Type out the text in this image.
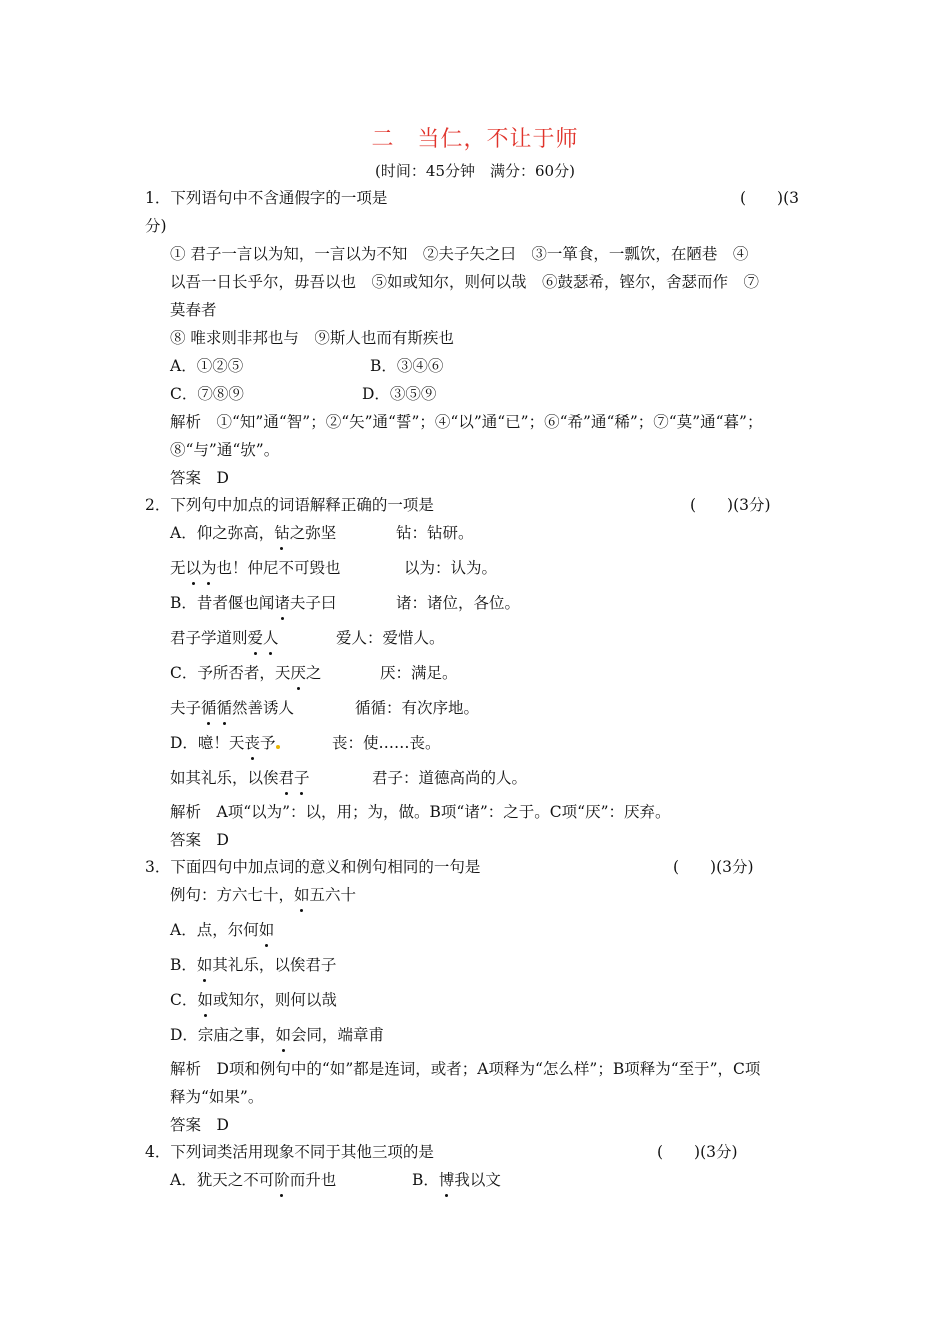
二　当仁，不让于师
(时间：45分钟　满分：60分)
1．下列语句中不含通假字的一项是	(　　)(3
分)
① 君子一言以为知，一言以为不知　②夫子矢之曰　③一箪食，一瓢饮，在陋巷　④
以吾一日长乎尔，毋吾以也　⑤如或知尔，则何以哉　⑥鼓瑟希，铿尔，舍瑟而作　⑦
莫春者
⑧ 唯求则非邦也与　⑨斯人也而有斯疾也
A．①②⑤	B．③④⑥
C．⑦⑧⑨	D．③⑤⑨
解析　①“知”通“智”；②“矢”通“誓”；④“以”通“已”；⑥“希”通“稀”；⑦“莫”通“暮”；
⑧“与”通“欤”。
答案　D
2．下列句中加点的词语解释正确的一项是	(　　)(3分)
A．仰之弥高，钻之弥坚	钻：钻研。
无以为也！仲尼不可毁也	以为：认为。
B．昔者偃也闻诸夫子曰	诸：诸位，各位。
君子学道则爱人	爱人：爱惜人。
C．予所否者，天厌之	厌：满足。
夫子循循然善诱人	循循：有次序地。
D．噫！天丧予	丧：使……丧。
如其礼乐，以俟君子	君子：道德高尚的人。
解析　A项“以为”：以，用；为，做。B项“诸”：之于。C项“厌”：厌弃。
答案　D
3．下面四句中加点词的意义和例句相同的一句是	(　　)(3分)
例句：方六七十，如五六十
A．点，尔何如
B．如其礼乐，以俟君子
C．如或知尔，则何以哉
D．宗庙之事，如会同，端章甫
解析　D项和例句中的“如”都是连词，或者；A项释为“怎么样”；B项释为“至于”，C项
释为“如果”。
答案　D
4．下列词类活用现象不同于其他三项的是	(　　)(3分)
A．犹天之不可阶而升也	B．博我以文
